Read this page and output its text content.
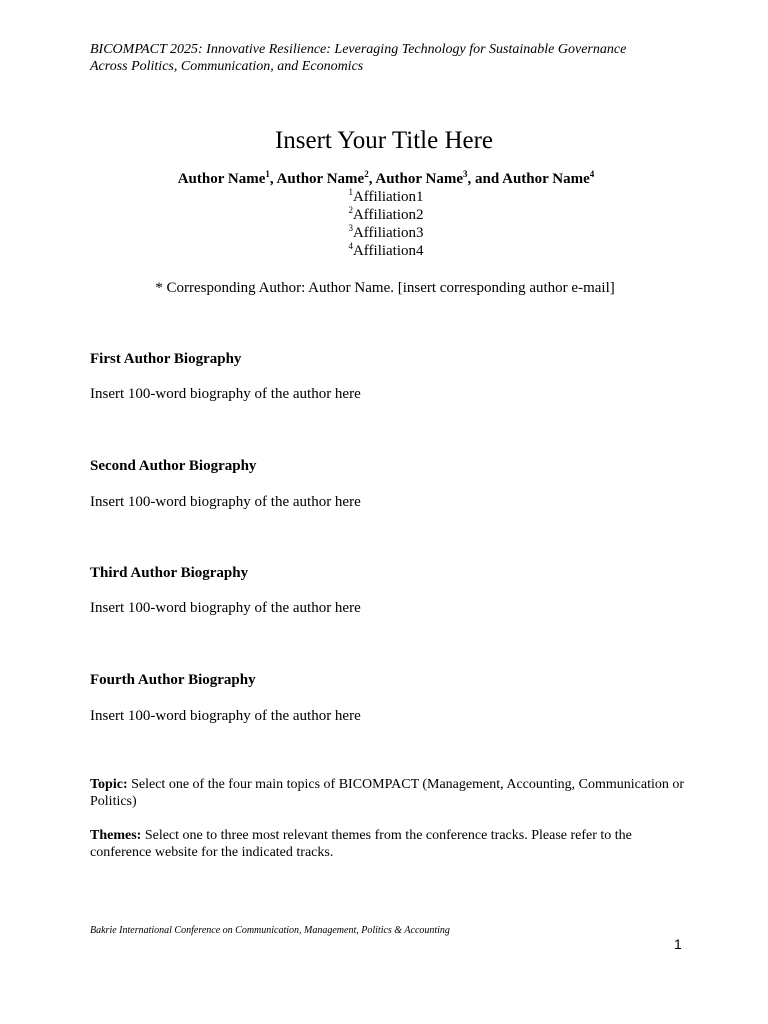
BICOMPACT 2025: Innovative Resilience: Leveraging Technology for Sustainable Governance
Across Politics, Communication, and Economics
Insert Your Title Here
Author Name$^1$, Author Name$^2$, Author Name$^3$, and Author Name$^4$
$^1$Affiliation1
$^2$Affiliation2
$^3$Affiliation3
$^4$Affiliation4
* Corresponding Author: Author Name. [insert corresponding author e-mail]
First Author Biography
Insert 100-word biography of the author here
Second Author Biography
Insert 100-word biography of the author here
Third Author Biography
Insert 100-word biography of the author here
Fourth Author Biography
Insert 100-word biography of the author here
Topic: Select one of the four main topics of BICOMPACT (Management, Accounting, Communication or Politics)
Themes: Select one to three most relevant themes from the conference tracks. Please refer to the conference website for the indicated tracks.
Bakrie International Conference on Communication, Management, Politics & Accounting
1
